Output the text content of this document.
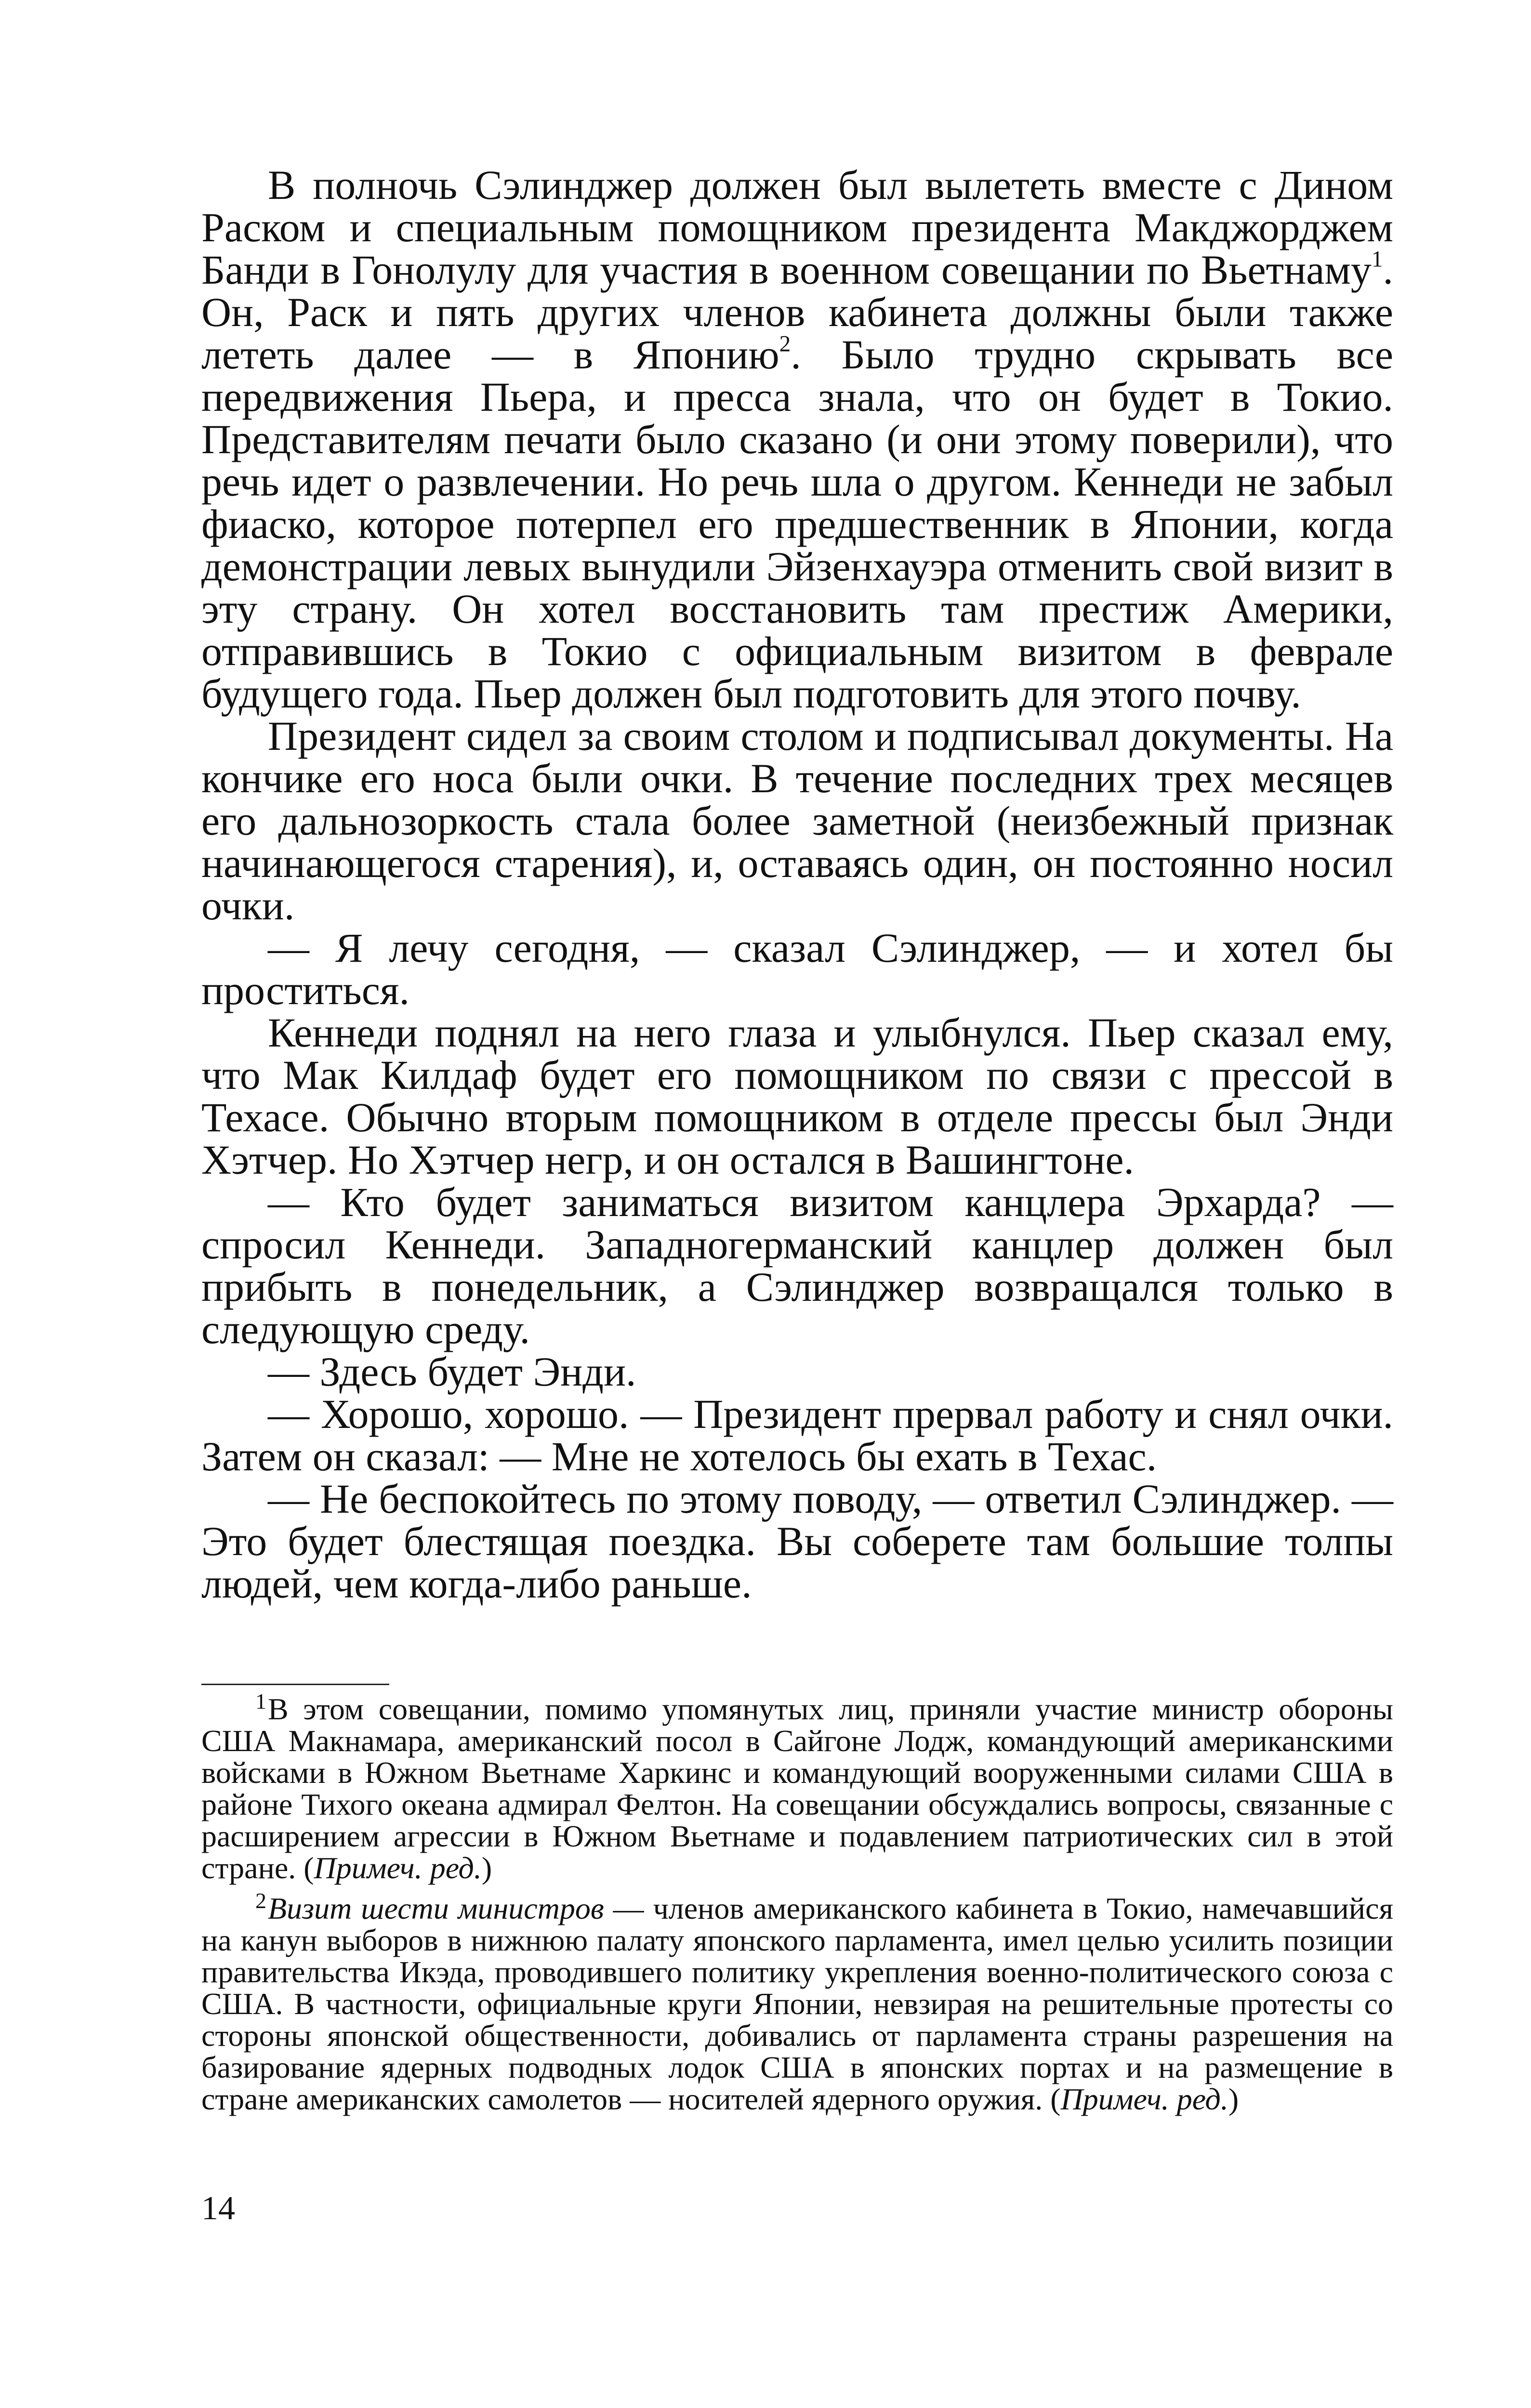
В полночь Сэлинджер должен был вылететь вместе с Дином Раском и специальным помощником президента Макджорджем Банди в Гонолулу для участия в военном совещании по Вьетнаму$^1$. Он, Раск и пять других членов кабинета должны были также лететь далее — в Японию$^2$. Было трудно скрывать все передвижения Пьера, и пресса знала, что он будет в Токио. Представителям печати было сказано (и они этому поверили), что речь идет о развлечении. Но речь шла о другом. Кеннеди не забыл фиаско, которое потерпел его предшественник в Японии, когда демонстрации левых вынудили Эйзенхауэра отменить свой визит в эту страну. Он хотел восстановить там престиж Америки, отправившись в Токио с официальным визитом в феврале будущего года. Пьер должен был подготовить для этого почву.

Президент сидел за своим столом и подписывал документы. На кончике его носа были очки. В течение последних трех месяцев его дальнозоркость стала более заметной (неизбежный признак начинающегося старения), и, оставаясь один, он постоянно носил очки.

— Я лечу сегодня, — сказал Сэлинджер, — и хотел бы проститься.

Кеннеди поднял на него глаза и улыбнулся. Пьер сказал ему, что Мак Килдаф будет его помощником по связи с прессой в Техасе. Обычно вторым помощником в отделе прессы был Энди Хэтчер. Но Хэтчер негр, и он остался в Вашингтоне.

— Кто будет заниматься визитом канцлера Эрхарда? — спросил Кеннеди. Западногерманский канцлер должен был прибыть в понедельник, а Сэлинджер возвращался только в следующую среду.

— Здесь будет Энди.

— Хорошо, хорошо. — Президент прервал работу и снял очки. Затем он сказал: — Мне не хотелось бы ехать в Техас.

— Не беспокойтесь по этому поводу, — ответил Сэлинджер. — Это будет блестящая поездка. Вы соберете там большие толпы людей, чем когда-либо раньше.

1В этом совещании, помимо упомянутых лиц, приняли участие министр обороны США Макнамара, американский посол в Сайгоне Лодж, командующий американскими войсками в Южном Вьетнаме Харкинс и командующий вооруженными силами США в районе Тихого океана адмирал Фелтон. На совещании обсуждались вопросы, связанные с расширением агрессии в Южном Вьетнаме и подавлением патриотических сил в этой стране. (Примеч. ред.)

2Визит шести министров — членов американского кабинета в Токио, намечавшийся на канун выборов в нижнюю палату японского парламента, имел целью усилить позиции правительства Икэда, проводившего политику укрепления военно-политического союза с США. В частности, официальные круги Японии, невзирая на решительные протесты со стороны японской общественности, добивались от парламента страны разрешения на базирование ядерных подводных лодок США в японских портах и на размещение в стране американских самолетов — носителей ядерного оружия. (Примеч. ред.)

14
